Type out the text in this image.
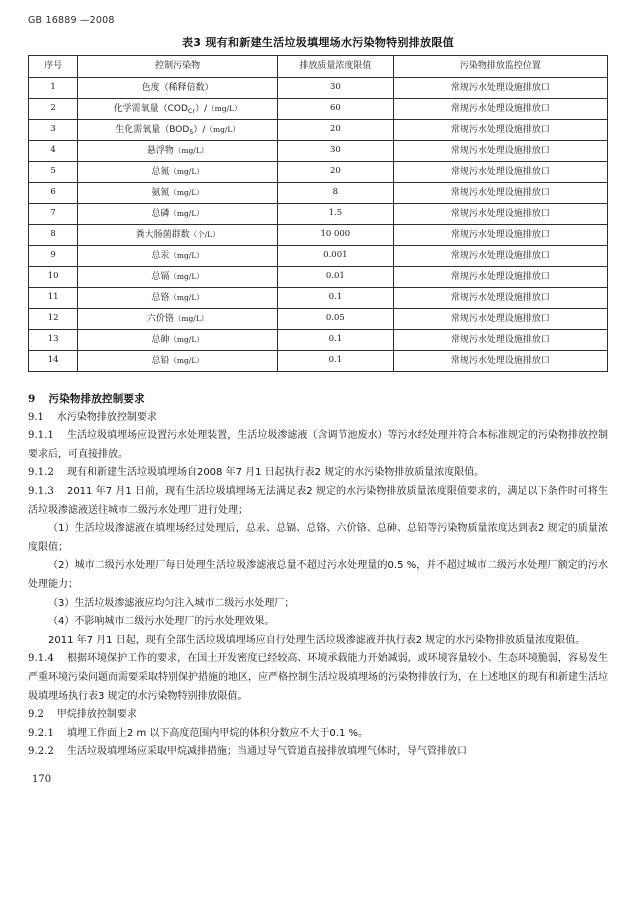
GB 16889 —2008
表3 现有和新建生活垃圾填埋场水污染物特别排放限值
序号	控制污染物	排放质量浓度限值	污染物排放监控位置
1	色度（稀释倍数）	30	常规污水处理设施排放口
2	化学需氧量$(COD_{Cr})/(mg/L)$	60	常规污水处理设施排放口
3	生化需氧量$(BOD_5)/(mg/L)$	20	常规污水处理设施排放口
4	悬浮物（mg/L）	30	常规污水处理设施排放口
5	总氮（mg/L）	20	常规污水处理设施排放口
6	氨氮（mg/L）	8	常规污水处理设施排放口
7	总磷（mg/L）	1.5	常规污水处理设施排放口
8	粪大肠菌群数（个/L）	10 000	常规污水处理设施排放口
9	总汞（mg/L）	0.001	常规污水处理设施排放口
10	总镉（mg/L）	0.01	常规污水处理设施排放口
11	总铬（mg/L）	0.1	常规污水处理设施排放口
12	六价铬（mg/L）	0.05	常规污水处理设施排放口
13	总砷（mg/L）	0.1	常规污水处理设施排放口
14	总铅（mg/L）	0.1	常规污水处理设施排放口

9 污染物排放控制要求

9.1 水污染物排放控制要求

9.1.1 生活垃圾填埋场应设置污水处理装置，生活垃圾渗滤液（含调节池废水）等污水经处理并符合本标准规定的污染物排放控制要求后，可直接排放。

9.1.2 现有和新建生活垃圾填埋场自2008 年7 月1 日起执行表2 规定的水污染物排放质量浓度限值。

9.1.3 2011 年7 月1 日前，现有生活垃圾填埋场无法满足表2 规定的水污染物排放质量浓度限值要求的，满足以下条件时可将生活垃圾渗滤液送往城市二级污水处理厂进行处理；

（1）生活垃圾渗滤液在填埋场经过处理后，总汞、总镉、总铬、六价铬、总砷、总铅等污染物质量浓度达到表2 规定的质量浓度限值；

（2）城市二级污水处理厂每日处理生活垃圾渗滤液总量不超过污水处理量的0.5 %，并不超过城市二级污水处理厂额定的污水处理能力；

（3）生活垃圾渗滤液应均匀注入城市二级污水处理厂；

（4）不影响城市二级污水处理厂的污水处理效果。

2011 年7 月1 日起，现有全部生活垃圾填埋场应自行处理生活垃圾渗滤液并执行表2 规定的水污染物排放质量浓度限值。

9.1.4 根据环境保护工作的要求，在国土开发密度已经较高、环境承载能力开始减弱，或环境容量较小、生态环境脆弱，容易发生严重环境污染问题而需要采取特别保护措施的地区，应严格控制生活垃圾填埋场的污染物排放行为，在上述地区的现有和新建生活垃圾填埋场执行表3 规定的水污染物特别排放限值。

9.2 甲烷排放控制要求

9.2.1 填埋工作面上2 m 以下高度范围内甲烷的体积分数应不大于0.1 %。

9.2.2 生活垃圾填埋场应采取甲烷减排措施；当通过导气管道直接排放填埋气体时，导气管排放口

170
